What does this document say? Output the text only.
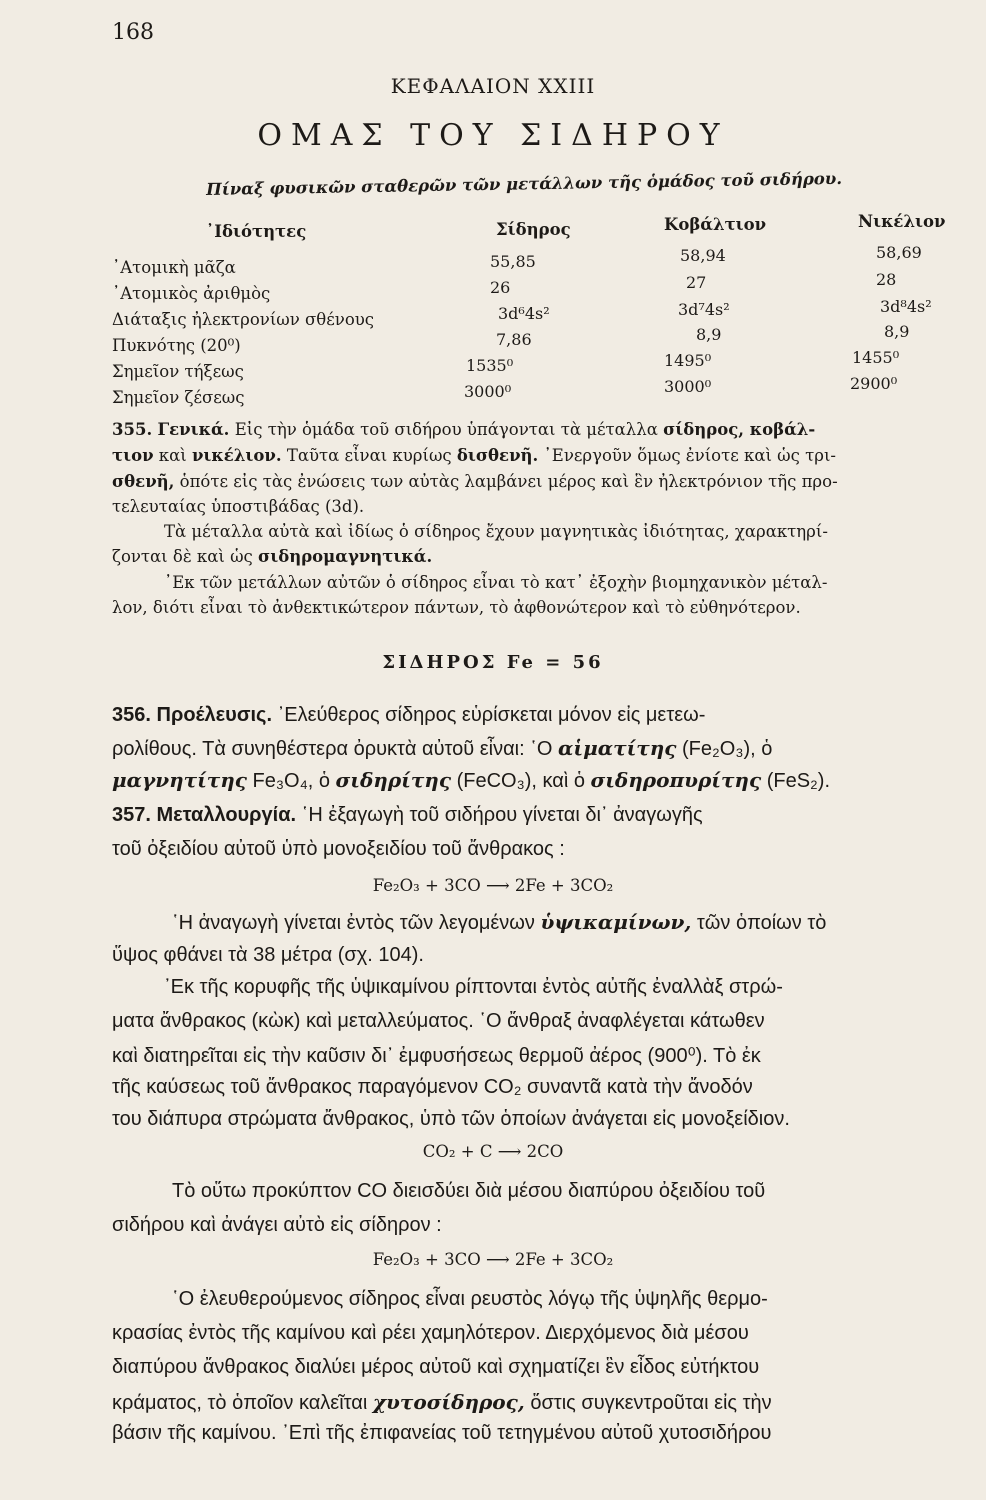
168
ΚΕΦΑΛΑΙΟΝ XXIII
ΟΜΑΣ ΤΟΥ ΣΙΔΗΡΟΥ
Πίναξ φυσικῶν σταθερῶν τῶν μετάλλων τῆς ὁμάδος τοῦ σιδήρου.
᾿Ιδιότητες	Σίδηρος	Κοβάλτιον	Νικέλιον
᾿Ατομικὴ μᾶζα	55,85	58,94	58,69
᾿Ατομικὸς ἀριθμὸς	26	27	28
Διάταξις ἠλεκτρονίων σθένους	3d⁶4s²	3d⁷4s²	3d⁸4s²
Πυκνότης (20⁰)	7,86	8,9	8,9
Σημεῖον τήξεως	1535⁰	1495⁰	1455⁰
Σημεῖον ζέσεως	3000⁰	3000⁰	2900⁰
355. Γενικά. Εἰς τὴν ὁμάδα τοῦ σιδήρου ὑπάγονται τὰ μέταλλα σίδηρος, κοβάλ-
τιον καὶ νικέλιον. Ταῦτα εἶναι κυρίως δισθενῆ. ᾿Ενεργοῦν ὅμως ἐνίοτε καὶ ὡς τρι-
σθενῆ, ὁπότε εἰς τὰς ἐνώσεις των αὐτὰς λαμβάνει μέρος καὶ ἓν ἠλεκτρόνιον τῆς προ-
τελευταίας ὑποστιβάδας (3d).
Τὰ μέταλλα αὐτὰ καὶ ἰδίως ὁ σίδηρος ἔχουν μαγνητικὰς ἰδιότητας, χαρακτηρί-
ζονται δὲ καὶ ὡς σιδηρομαγνητικά.
᾿Εκ τῶν μετάλλων αὐτῶν ὁ σίδηρος εἶναι τὸ κατ᾿ ἐξοχὴν βιομηχανικὸν μέταλ-
λον, διότι εἶναι τὸ ἀνθεκτικώτερον πάντων, τὸ ἀφθονώτερον καὶ τὸ εὐθηνότερον.
ΣΙΔΗΡΟΣ Fe = 56
356. Προέλευσις. ᾿Ελεύθερος σίδηρος εὑρίσκεται μόνον εἰς μετεω-
ρολίθους. Τὰ συνηθέστερα ὀρυκτὰ αὐτοῦ εἶναι: ῾Ο αἱματίτης (Fe₂O₃), ὁ
μαγνητίτης Fe₃O₄, ὁ σιδηρίτης (FeCO₃), καὶ ὁ σιδηροπυρίτης (FeS₂).
357. Μεταλλουργία. ῾Η ἐξαγωγὴ τοῦ σιδήρου γίνεται δι᾿ ἀναγωγῆς
τοῦ ὀξειδίου αὐτοῦ ὑπὸ μονοξειδίου τοῦ ἄνθρακος :
Fe₂O₃ + 3CO ⟶ 2Fe + 3CO₂
῾Η ἀναγωγὴ γίνεται ἐντὸς τῶν λεγομένων ὑψικαμίνων, τῶν ὁποίων τὸ
ὕψος φθάνει τὰ 38 μέτρα (σχ. 104).
᾿Εκ τῆς κορυφῆς τῆς ὑψικαμίνου ρίπτονται ἐντὸς αὐτῆς ἐναλλὰξ στρώ-
ματα ἄνθρακος (κὼκ) καὶ μεταλλεύματος. ῾Ο ἄνθραξ ἀναφλέγεται κάτωθεν
καὶ διατηρεῖται εἰς τὴν καῦσιν δι᾿ ἐμφυσήσεως θερμοῦ ἀέρος (900⁰). Τὸ ἐκ
τῆς καύσεως τοῦ ἄνθρακος παραγόμενον CO₂ συναντᾶ κατὰ τὴν ἄνοδόν
του διάπυρα στρώματα ἄνθρακος, ὑπὸ τῶν ὁποίων ἀνάγεται εἰς μονοξείδιον.
CO₂ + C ⟶ 2CO
Τὸ οὕτω προκύπτον CO διεισδύει διὰ μέσου διαπύρου ὀξειδίου τοῦ
σιδήρου καὶ ἀνάγει αὐτὸ εἰς σίδηρον :
Fe₂O₃ + 3CO ⟶ 2Fe + 3CO₂
῾Ο ἐλευθερούμενος σίδηρος εἶναι ρευστὸς λόγῳ τῆς ὑψηλῆς θερμο-
κρασίας ἐντὸς τῆς καμίνου καὶ ρέει χαμηλότερον. Διερχόμενος διὰ μέσου
διαπύρου ἄνθρακος διαλύει μέρος αὐτοῦ καὶ σχηματίζει ἓν εἶδος εὐτήκτου
κράματος, τὸ ὁποῖον καλεῖται χυτοσίδηρος, ὅστις συγκεντροῦται εἰς τὴν
βάσιν τῆς καμίνου. ᾿Επὶ τῆς ἐπιφανείας τοῦ τετηγμένου αὐτοῦ χυτοσιδήρου
